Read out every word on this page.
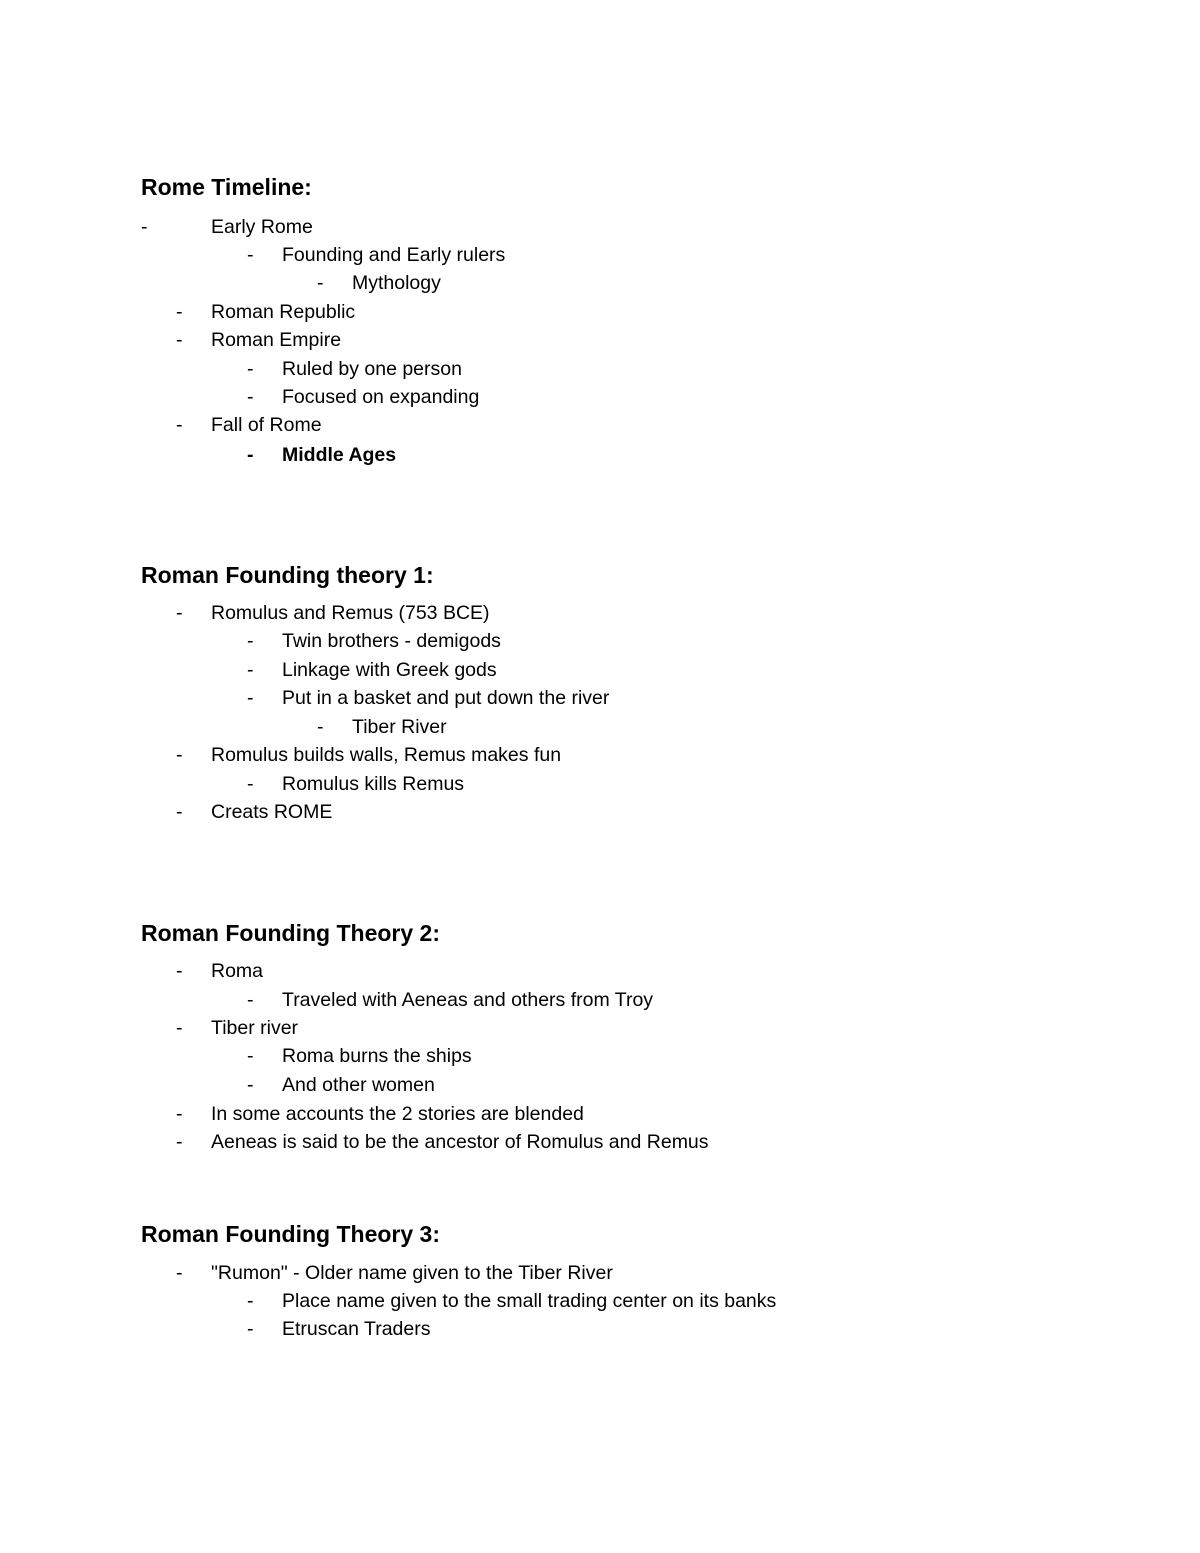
Rome Timeline:
-	Early Rome
- Founding and Early rulers
- Mythology
- Roman Republic
- Roman Empire
- Ruled by one person
- Focused on expanding
- Fall of Rome
- Middle Ages
Roman Founding theory 1:
- Romulus and Remus (753 BCE)
- Twin brothers - demigods
- Linkage with Greek gods
- Put in a basket and put down the river
- Tiber River
- Romulus builds walls, Remus makes fun
- Romulus kills Remus
- Creats ROME
Roman Founding Theory 2:
- Roma
- Traveled with Aeneas and others from Troy
- Tiber river
- Roma burns the ships
- And other women
- In some accounts the 2 stories are blended
- Aeneas is said to be the ancestor of Romulus and Remus
Roman Founding Theory 3:
- "Rumon" - Older name given to the Tiber River
- Place name given to the small trading center on its banks
- Etruscan Traders
